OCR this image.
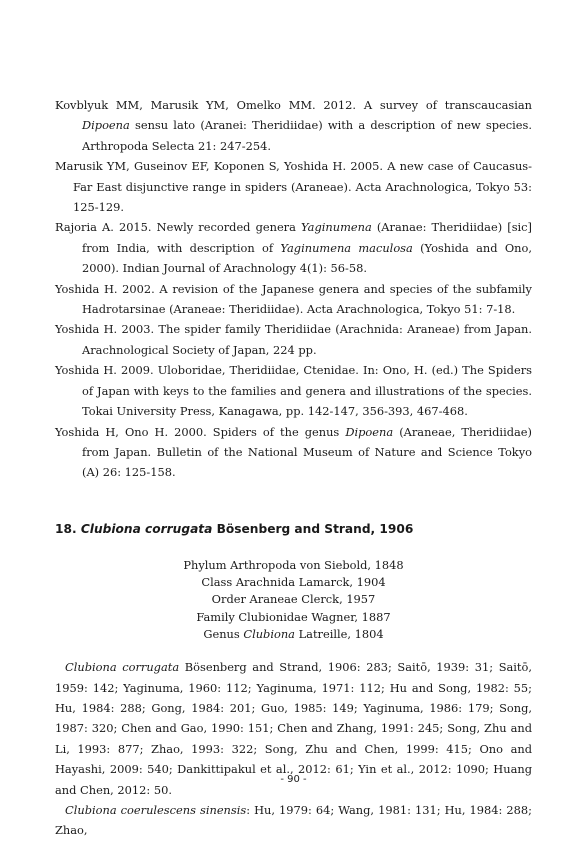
Kovblyuk MM, Marusik YM, Omelko MM. 2012. A survey of transcaucasian Dipoena sensu lato (Aranei: Theridiidae) with a description of new species. Arthropoda Selecta 21: 247-254.

Marusik YM, Guseinov EF, Koponen S, Yoshida H. 2005. A new case of Caucasus-Far East disjunctive range in spiders (Araneae). Acta Arachnologica, Tokyo 53: 125-129.

Rajoria A. 2015. Newly recorded genera Yaginumena (Aranae: Theridiidae) [sic] from India, with description of Yaginumena maculosa (Yoshida and Ono, 2000). Indian Journal of Arachnology 4(1): 56-58.

Yoshida H. 2002. A revision of the Japanese genera and species of the subfamily Hadrotarsinae (Araneae: Theridiidae). Acta Arachnologica, Tokyo 51: 7-18.

Yoshida H. 2003. The spider family Theridiidae (Arachnida: Araneae) from Japan. Arachnological Society of Japan, 224 pp.

Yoshida H. 2009. Uloboridae, Theridiidae, Ctenidae. In: Ono, H. (ed.) The Spiders of Japan with keys to the families and genera and illustrations of the species. Tokai University Press, Kanagawa, pp. 142-147, 356-393, 467-468.

Yoshida H, Ono H. 2000. Spiders of the genus Dipoena (Araneae, Theridiidae) from Japan. Bulletin of the National Museum of Nature and Science Tokyo (A) 26: 125-158.

18. Clubiona corrugata Bösenberg and Strand, 1906
Phylum Arthropoda von Siebold, 1848
Class Arachnida Lamarck, 1904
Order Araneae Clerck, 1957
Family Clubionidae Wagner, 1887
Genus Clubiona Latreille, 1804

Clubiona corrugata Bösenberg and Strand, 1906: 283; Saitō, 1939: 31; Saitō, 1959: 142; Yaginuma, 1960: 112; Yaginuma, 1971: 112; Hu and Song, 1982: 55; Hu, 1984: 288; Gong, 1984: 201; Guo, 1985: 149; Yaginuma, 1986: 179; Song, 1987: 320; Chen and Gao, 1990: 151; Chen and Zhang, 1991: 245; Song, Zhu and Li, 1993: 877; Zhao, 1993: 322; Song, Zhu and Chen, 1999: 415; Ono and Hayashi, 2009: 540; Dankittipakul et al., 2012: 61; Yin et al., 2012: 1090; Huang and Chen, 2012: 50.

Clubiona coerulescens sinensis: Hu, 1979: 64; Wang, 1981: 131; Hu, 1984: 288; Zhao,

- 90 -
